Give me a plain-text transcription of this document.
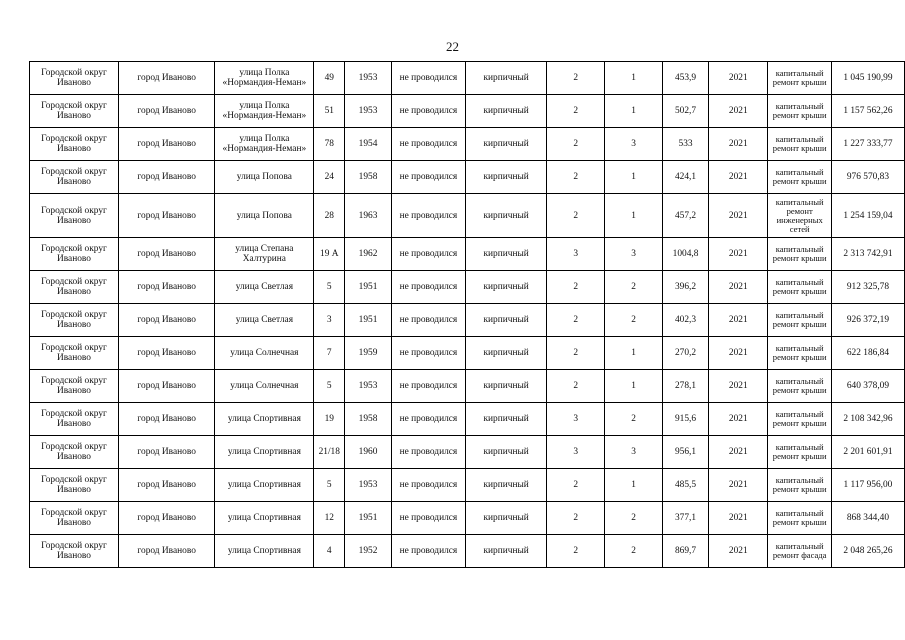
22
Городской округ Иваново	город Иваново	улица Полка «Нормандия-Неман»	49	1953	не проводился	кирпичный	2	1	453,9	2021	капитальный ремонт крыши	1 045 190,99
Городской округ Иваново	город Иваново	улица Полка «Нормандия-Неман»	51	1953	не проводился	кирпичный	2	1	502,7	2021	капитальный ремонт крыши	1 157 562,26
Городской округ Иваново	город Иваново	улица Полка «Нормандия-Неман»	78	1954	не проводился	кирпичный	2	3	533	2021	капитальный ремонт крыши	1 227 333,77
Городской округ Иваново	город Иваново	улица Попова	24	1958	не проводился	кирпичный	2	1	424,1	2021	капитальный ремонт крыши	976 570,83
Городской округ Иваново	город Иваново	улица Попова	28	1963	не проводился	кирпичный	2	1	457,2	2021	капитальный ремонт инженерных сетей	1 254 159,04
Городской округ Иваново	город Иваново	улица Степана Халтурина	19 А	1962	не проводился	кирпичный	3	3	1004,8	2021	капитальный ремонт крыши	2 313 742,91
Городской округ Иваново	город Иваново	улица Светлая	5	1951	не проводился	кирпичный	2	2	396,2	2021	капитальный ремонт крыши	912 325,78
Городской округ Иваново	город Иваново	улица Светлая	3	1951	не проводился	кирпичный	2	2	402,3	2021	капитальный ремонт крыши	926 372,19
Городской округ Иваново	город Иваново	улица Солнечная	7	1959	не проводился	кирпичный	2	1	270,2	2021	капитальный ремонт крыши	622 186,84
Городской округ Иваново	город Иваново	улица Солнечная	5	1953	не проводился	кирпичный	2	1	278,1	2021	капитальный ремонт крыши	640 378,09
Городской округ Иваново	город Иваново	улица Спортивная	19	1958	не проводился	кирпичный	3	2	915,6	2021	капитальный ремонт крыши	2 108 342,96
Городской округ Иваново	город Иваново	улица Спортивная	21/18	1960	не проводился	кирпичный	3	3	956,1	2021	капитальный ремонт крыши	2 201 601,91
Городской округ Иваново	город Иваново	улица Спортивная	5	1953	не проводился	кирпичный	2	1	485,5	2021	капитальный ремонт крыши	1 117 956,00
Городской округ Иваново	город Иваново	улица Спортивная	12	1951	не проводился	кирпичный	2	2	377,1	2021	капитальный ремонт крыши	868 344,40
Городской округ Иваново	город Иваново	улица Спортивная	4	1952	не проводился	кирпичный	2	2	869,7	2021	капитальный ремонт фасада	2 048 265,26
